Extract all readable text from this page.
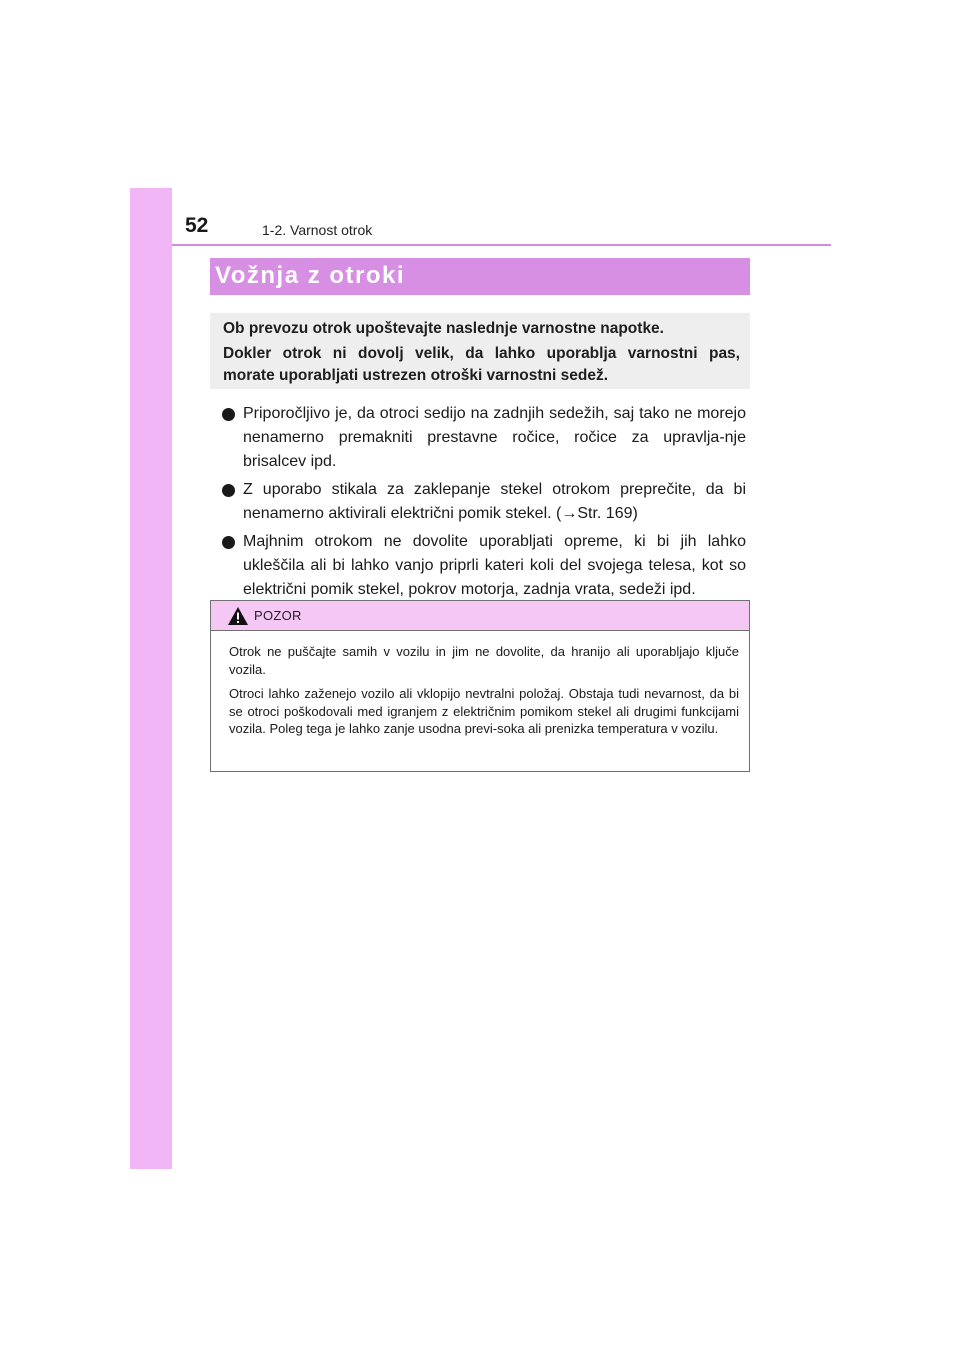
52	1-2. Varnost otrok
Vožnja z otroki

Ob prevozu otrok upoštevajte naslednje varnostne napotke.

Dokler otrok ni dovolj velik, da lahko uporablja varnostni pas,

morate uporabljati ustrezen otroški varnostni sedež.

Priporočljivo je, da otroci sedijo na zadnjih sedežih, saj tako ne morejo nenamerno premakniti prestavne ročice, ročice za upravlja-nje brisalcev ipd.
Z uporabo stikala za zaklepanje stekel otrokom preprečite, da bi nenamerno aktivirali električni pomik stekel. (→Str. 169)
Majhnim otrokom ne dovolite uporabljati opreme, ki bi jih lahko ukleščila ali bi lahko vanjo priprli kateri koli del svojega telesa, kot so električni pomik stekel, pokrov motorja, zadnja vrata, sedeži ipd.
POZOR

Otrok ne puščajte samih v vozilu in jim ne dovolite, da hranijo ali uporabljajo ključe vozila.

Otroci lahko zaženejo vozilo ali vklopijo nevtralni položaj. Obstaja tudi nevarnost, da bi se otroci poškodovali med igranjem z električnim pomikom stekel ali drugimi funkcijami vozila. Poleg tega je lahko zanje usodna previ-soka ali prenizka temperatura v vozilu.
